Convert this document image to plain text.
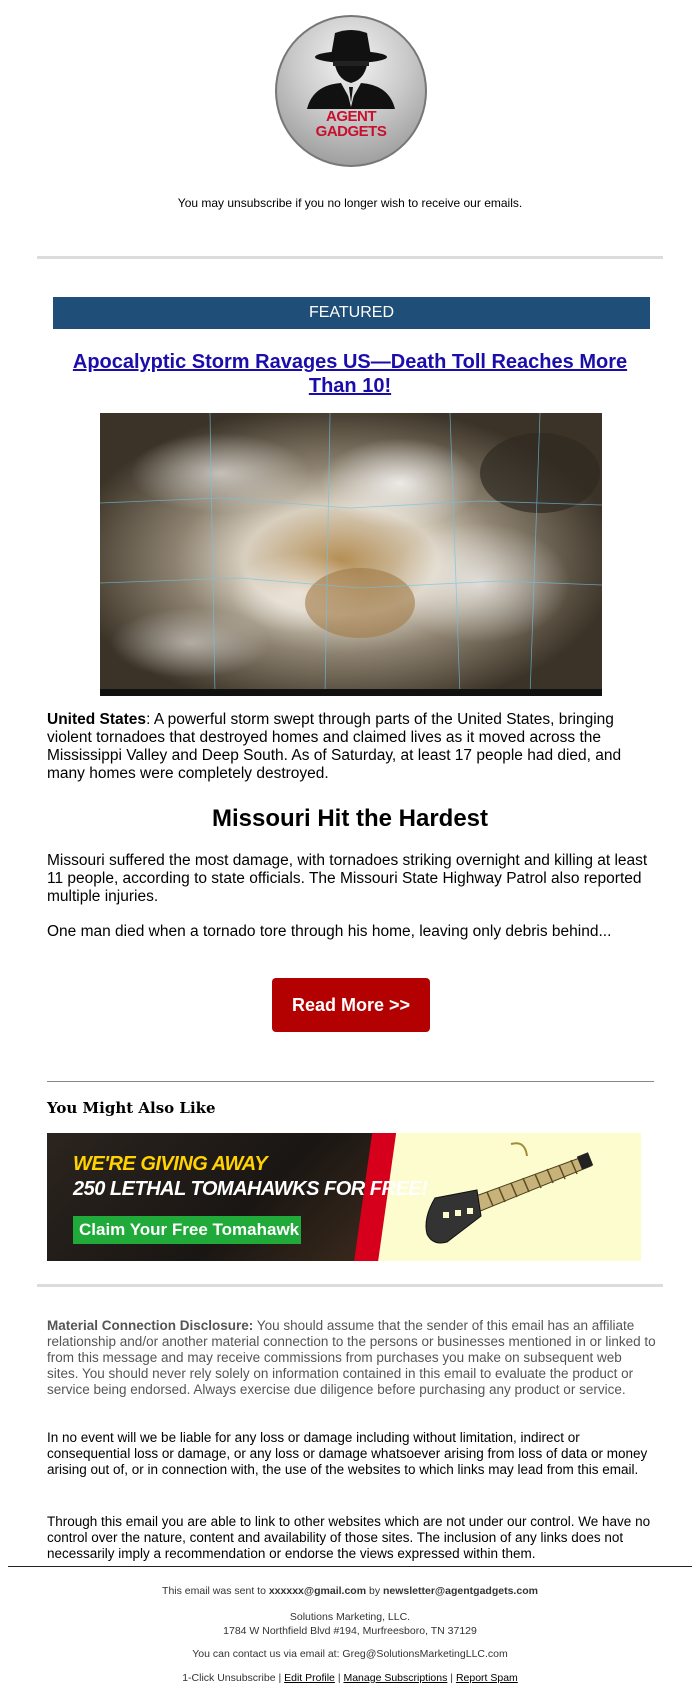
AGENT
GADGETS
You may unsubscribe if you no longer wish to receive our emails.
FEATURED
Apocalyptic Storm Ravages US—Death Toll Reaches More Than 10!
United States: A powerful storm swept through parts of the United States, bringing violent tornadoes that destroyed homes and claimed lives as it moved across the Mississippi Valley and Deep South. As of Saturday, at least 17 people had died, and many homes were completely destroyed.
Missouri Hit the Hardest
Missouri suffered the most damage, with tornadoes striking overnight and killing at least 11 people, according to state officials. The Missouri State Highway Patrol also reported multiple injuries.
One man died when a tornado tore through his home, leaving only debris behind...
Read More >>
You Might Also Like
WE'RE GIVING AWAY
250 LETHAL TOMAHAWKS FOR FREE!
Claim Your Free Tomahawk
Material Connection Disclosure: You should assume that the sender of this email has an affiliate relationship and/or another material connection to the persons or businesses mentioned in or linked to from this message and may receive commissions from purchases you make on subsequent web sites. You should never rely solely on information contained in this email to evaluate the product or service being endorsed. Always exercise due diligence before purchasing any product or service.
In no event will we be liable for any loss or damage including without limitation, indirect or consequential loss or damage, or any loss or damage whatsoever arising from loss of data or money arising out of, or in connection with, the use of the websites to which links may lead from this email.
Through this email you are able to link to other websites which are not under our control. We have no control over the nature, content and availability of those sites. The inclusion of any links does not necessarily imply a recommendation or endorse the views expressed within them.
This email was sent to xxxxxx@gmail.com by newsletter@agentgadgets.com
Solutions Marketing, LLC.
1784 W Northfield Blvd #194, Murfreesboro, TN 37129
You can contact us via email at: Greg@SolutionsMarketingLLC.com
1-Click Unsubscribe | Edit Profile | Manage Subscriptions | Report Spam
